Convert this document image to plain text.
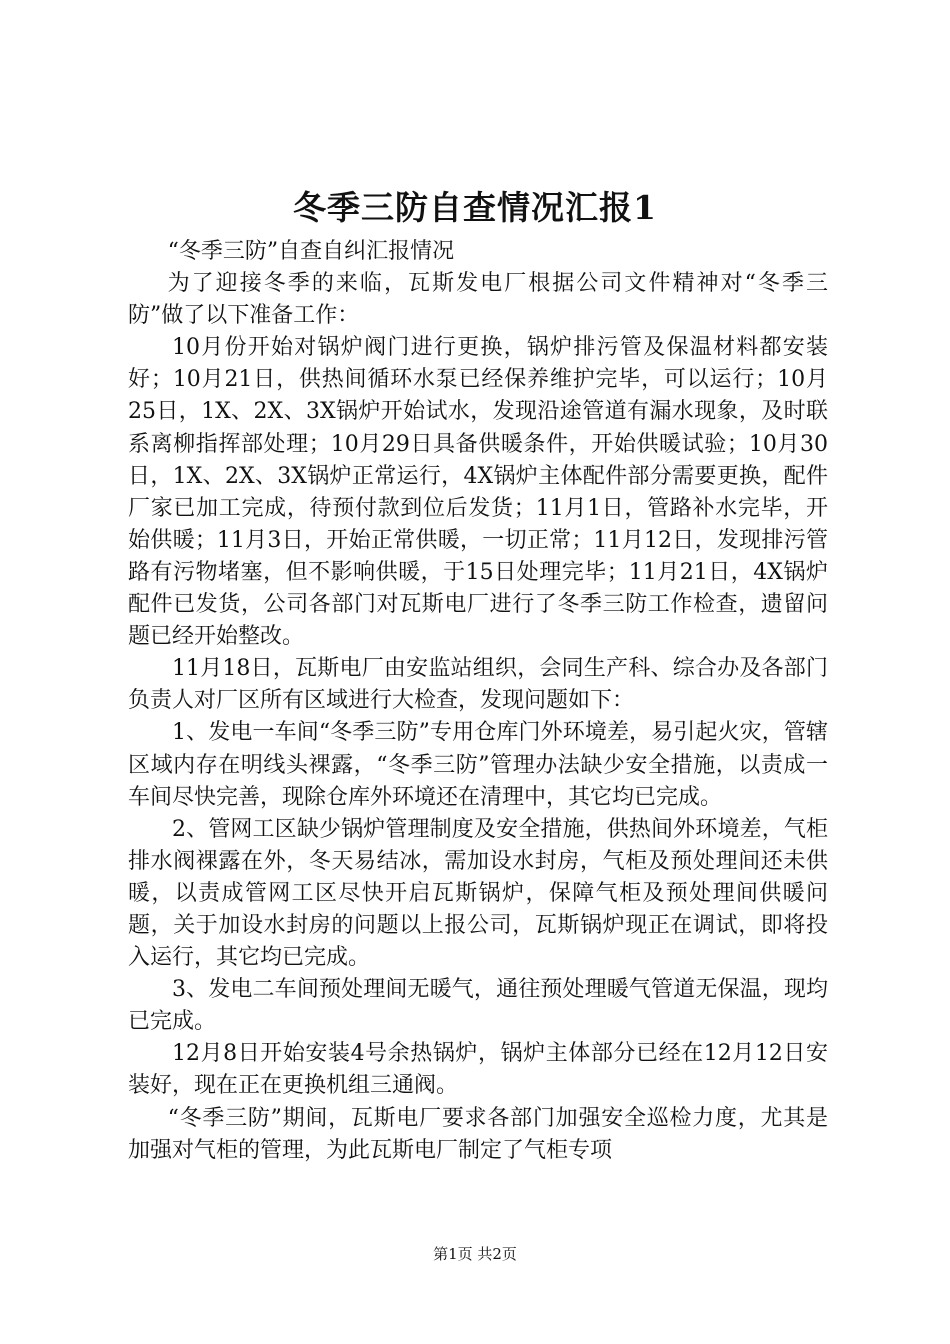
冬季三防自查情况汇报1

“冬季三防”自查自纠汇报情况

为了迎接冬季的来临，瓦斯发电厂根据公司文件精神对“冬季三防”做了以下准备工作：

10月份开始对锅炉阀门进行更换，锅炉排污管及保温材料都安装好；10月21日，供热间循环水泵已经保养维护完毕，可以运行；10月25日，1X、2X、3X锅炉开始试水，发现沿途管道有漏水现象，及时联系离柳指挥部处理；10月29日具备供暖条件，开始供暖试验；10月30日，1X、2X、3X锅炉正常运行，4X锅炉主体配件部分需要更换，配件厂家已加工完成，待预付款到位后发货；11月1日，管路补水完毕，开始供暖；11月3日，开始正常供暖，一切正常；11月12日，发现排污管路有污物堵塞，但不影响供暖，于15日处理完毕；11月21日，4X锅炉配件已发货，公司各部门对瓦斯电厂进行了冬季三防工作检查，遗留问题已经开始整改。

11月18日，瓦斯电厂由安监站组织，会同生产科、综合办及各部门负责人对厂区所有区域进行大检查，发现问题如下：

1、发电一车间“冬季三防”专用仓库门外环境差，易引起火灾，管辖区域内存在明线头裸露，“冬季三防”管理办法缺少安全措施，以责成一车间尽快完善，现除仓库外环境还在清理中，其它均已完成。

2、管网工区缺少锅炉管理制度及安全措施，供热间外环境差，气柜排水阀裸露在外，冬天易结冰，需加设水封房，气柜及预处理间还未供暖，以责成管网工区尽快开启瓦斯锅炉，保障气柜及预处理间供暖问题，关于加设水封房的问题以上报公司，瓦斯锅炉现正在调试，即将投入运行，其它均已完成。

3、发电二车间预处理间无暖气，通往预处理暖气管道无保温，现均已完成。

12月8日开始安装4号余热锅炉，锅炉主体部分已经在12月12日安装好，现在正在更换机组三通阀。

“冬季三防”期间，瓦斯电厂要求各部门加强安全巡检力度，尤其是加强对气柜的管理，为此瓦斯电厂制定了气柜专项

第1页 共2页
